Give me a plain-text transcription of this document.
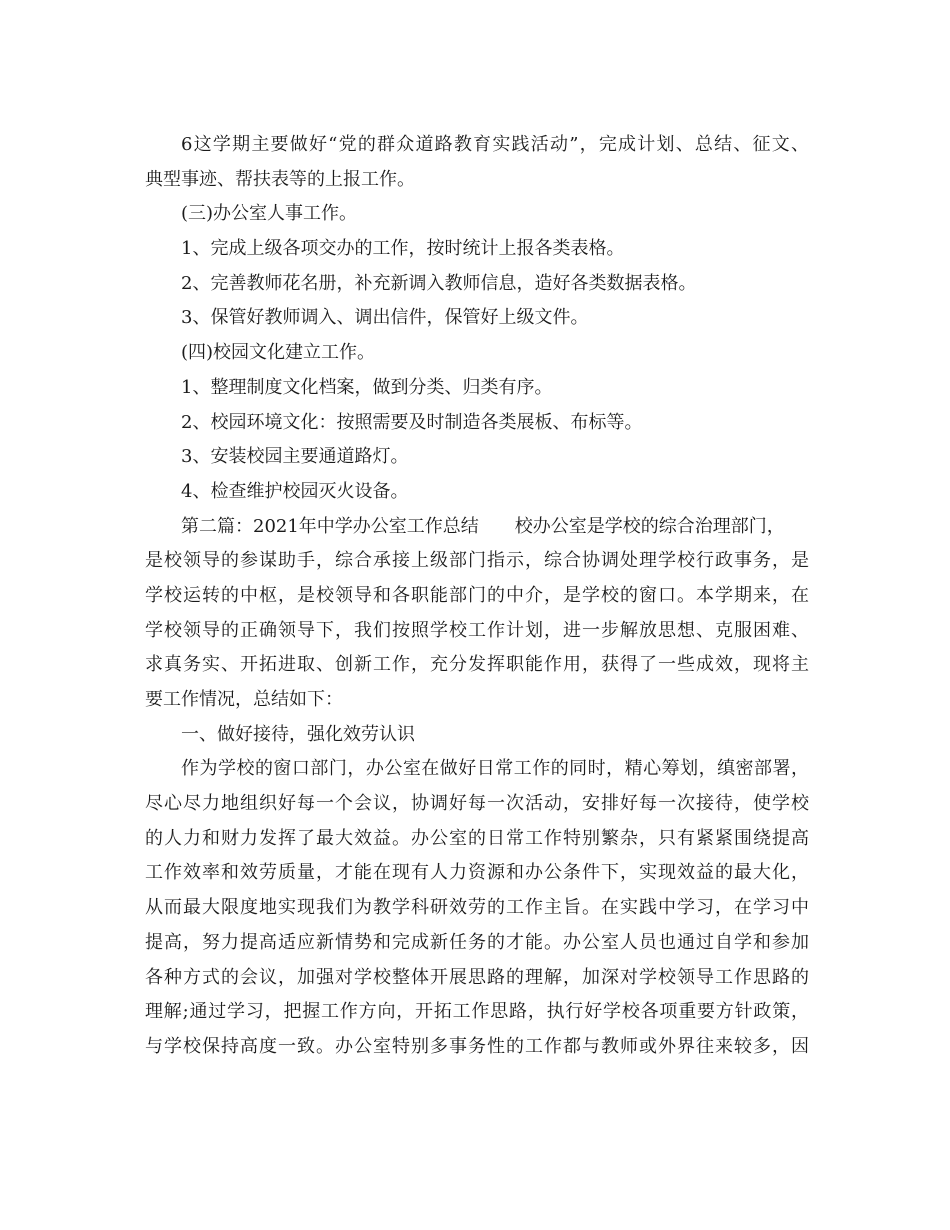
6这学期主要做好“党的群众道路教育实践活动”，完成计划、总结、征文、
典型事迹、帮扶表等的上报工作。
(三)办公室人事工作。
1、完成上级各项交办的工作，按时统计上报各类表格。
2、完善教师花名册，补充新调入教师信息，造好各类数据表格。
3、保管好教师调入、调出信件，保管好上级文件。
(四)校园文化建立工作。
1、整理制度文化档案，做到分类、归类有序。
2、校园环境文化：按照需要及时制造各类展板、布标等。
3、安装校园主要通道路灯。
4、检查维护校园灭火设备。
第二篇：2021年中学办公室工作总结　　校办公室是学校的综合治理部门，
是校领导的参谋助手，综合承接上级部门指示，综合协调处理学校行政事务，是
学校运转的中枢，是校领导和各职能部门的中介，是学校的窗口。本学期来，在
学校领导的正确领导下，我们按照学校工作计划，进一步解放思想、克服困难、
求真务实、开拓进取、创新工作，充分发挥职能作用，获得了一些成效，现将主
要工作情况，总结如下：
一、做好接待，强化效劳认识
作为学校的窗口部门，办公室在做好日常工作的同时，精心筹划，缜密部署，
尽心尽力地组织好每一个会议，协调好每一次活动，安排好每一次接待，使学校
的人力和财力发挥了最大效益。办公室的日常工作特别繁杂，只有紧紧围绕提高
工作效率和效劳质量，才能在现有人力资源和办公条件下，实现效益的最大化，
从而最大限度地实现我们为教学科研效劳的工作主旨。在实践中学习，在学习中
提高，努力提高适应新情势和完成新任务的才能。办公室人员也通过自学和参加
各种方式的会议，加强对学校整体开展思路的理解，加深对学校领导工作思路的
理解;通过学习，把握工作方向，开拓工作思路，执行好学校各项重要方针政策，
与学校保持高度一致。办公室特别多事务性的工作都与教师或外界往来较多，因
